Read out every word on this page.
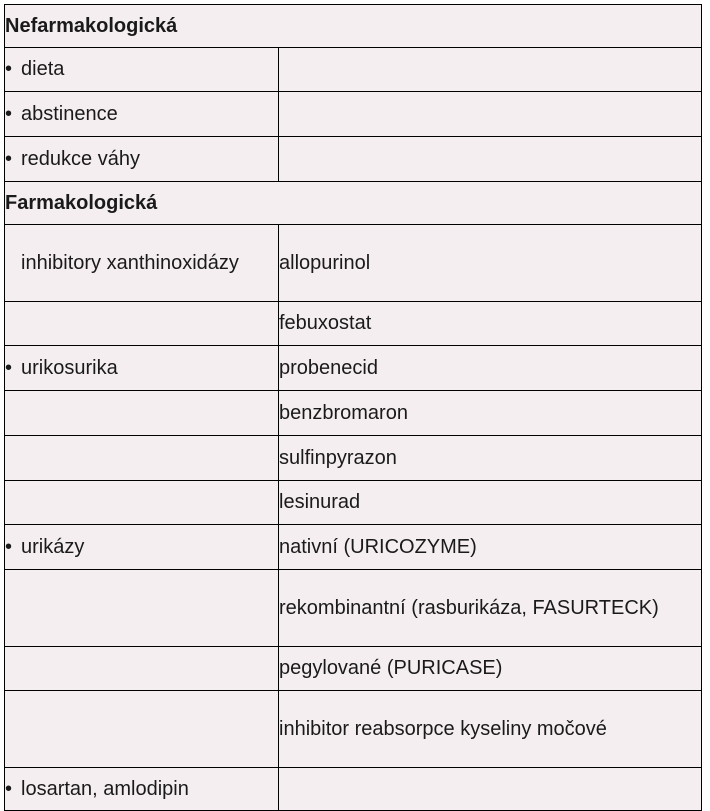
Nefarmakologická	
• dieta	
• abstinence	
• redukce váhy	
Farmakologická	

inhibitory xanthinoxidázy	allopurinol
	febuxostat
• urikosurika	probenecid
	benzbromaron
	sulfinpyrazon
	lesinurad
• urikázy	nativní (URICOZYME)
	rekombinantní (rasburikáza, FASURTECK)
	pegylované (PURICASE)
	inhibitor reabsorpce kyseliny močové
• losartan, amlodipin	
